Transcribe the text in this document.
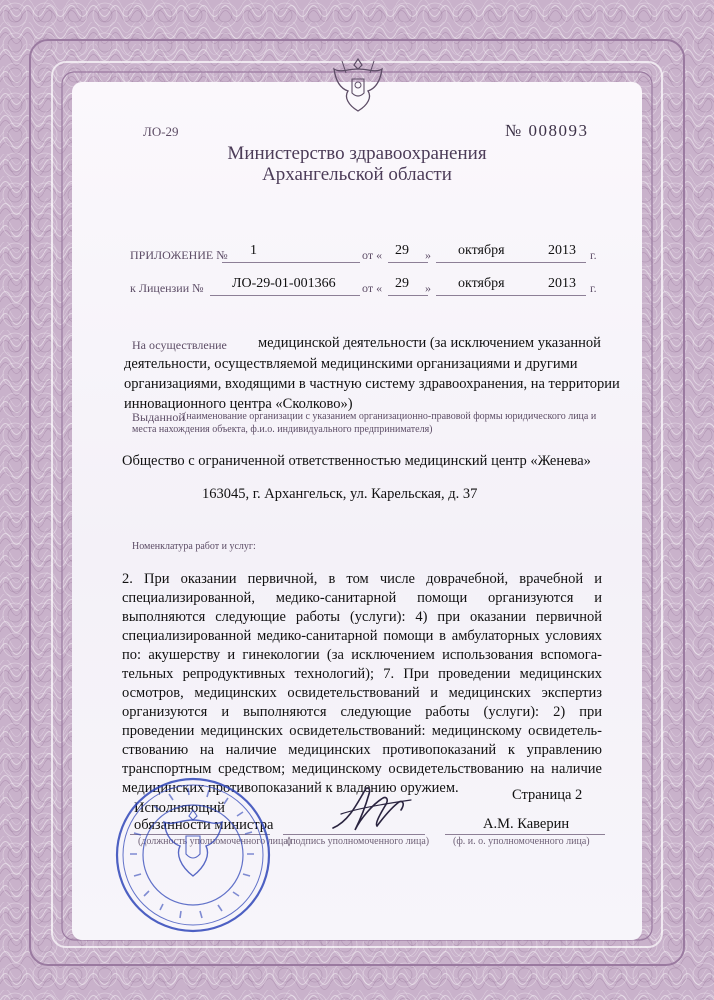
ЛО-29	№ 008093
Министерство здравоохранения
Архангельской области
ПРИЛОЖЕНИЕ № 1	от « 29 » октября	2013 г.
к Лицензии № ЛО-29-01-001366 от « 29 » октября	2013 г.
На осуществление медицинской деятельности (за исключением указанной
деятельности, осуществляемой медицинскими организациями и другими
организациями, входящими в частную систему здравоохранения, на территории
инновационного центра «Сколково»)
Выданной
(наименование организации с указанием организационно-правовой формы юридического лица и
места нахождения объекта, ф.и.о. индивидуального предпринимателя)
Общество с ограниченной ответственностью медицинский центр «Женева»
163045, г. Архангельск, ул. Карельская, д. 37
Номенклатура работ и услуг:
2. При оказании первичной, в том числе доврачебной, врачебной и
специализированной, медико-санитарной помощи организуются и
выполняются следующие работы (услуги): 4) при оказании первичной
специализированной медико-санитарной помощи в амбулаторных условиях
по: акушерству и гинекологии (за исключением использования вспомога-
тельных репродуктивных технологий); 7. При проведении медицинских
осмотров, медицинских освидетельствований и медицинских экспертиз
организуются и выполняются следующие работы (услуги): 2) при
проведении медицинских освидетельствований: медицинскому освидетель-
ствованию на наличие медицинских противопоказаний к управлению
транспортным средством; медицинскому освидетельствованию на наличие
медицинских противопоказаний к владению оружием.	Страница 2
Исполняющий
обязанности министра
(должность уполномоченного лица)
(подпись уполномоченного лица)
А.М. Каверин
(ф. и. о. уполномоченного лица)
